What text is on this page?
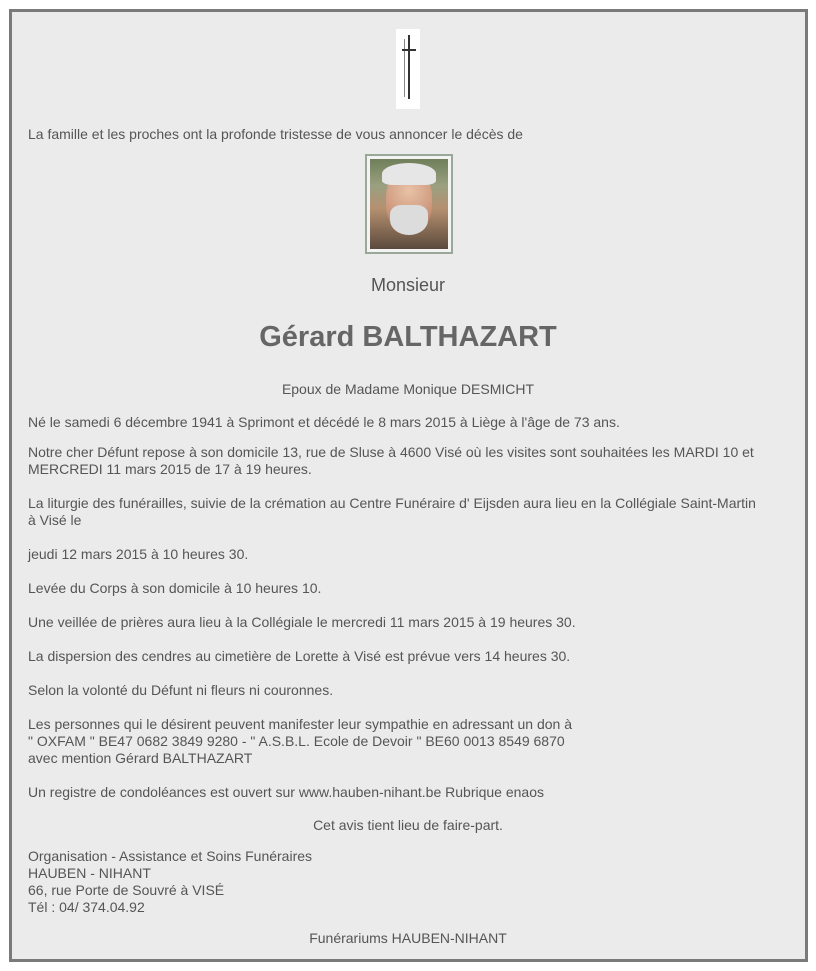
La famille et les proches ont la profonde tristesse de vous annoncer le décès de
Monsieur
Gérard BALTHAZART
Epoux de Madame Monique DESMICHT
Né le samedi 6 décembre 1941 à Sprimont et décédé le 8 mars 2015 à Liège à l'âge de 73 ans.
Notre cher Défunt repose à son domicile 13, rue de Sluse à 4600 Visé où les visites sont souhaitées les MARDI 10 et
MERCREDI 11 mars 2015 de 17 à 19 heures.
La liturgie des funérailles, suivie de la crémation au Centre Funéraire d' Eijsden aura lieu en la Collégiale Saint-Martin
à Visé le
jeudi 12 mars 2015 à 10 heures 30.
Levée du Corps à son domicile à 10 heures 10.
Une veillée de prières aura lieu à la Collégiale le mercredi 11 mars 2015 à 19 heures 30.
La dispersion des cendres au cimetière de Lorette à Visé est prévue vers 14 heures 30.
Selon la volonté du Défunt ni fleurs ni couronnes.
Les personnes qui le désirent peuvent manifester leur sympathie en adressant un don à
" OXFAM " BE47 0682 3849 9280 - " A.S.B.L. Ecole de Devoir " BE60 0013 8549 6870
avec mention Gérard BALTHAZART
Un registre de condoléances est ouvert sur www.hauben-nihant.be Rubrique enaos
Cet avis tient lieu de faire-part.
Organisation - Assistance et Soins Funéraires
HAUBEN - NIHANT
66, rue Porte de Souvré à VISÉ
Tél : 04/ 374.04.92
Funérariums HAUBEN-NIHANT
